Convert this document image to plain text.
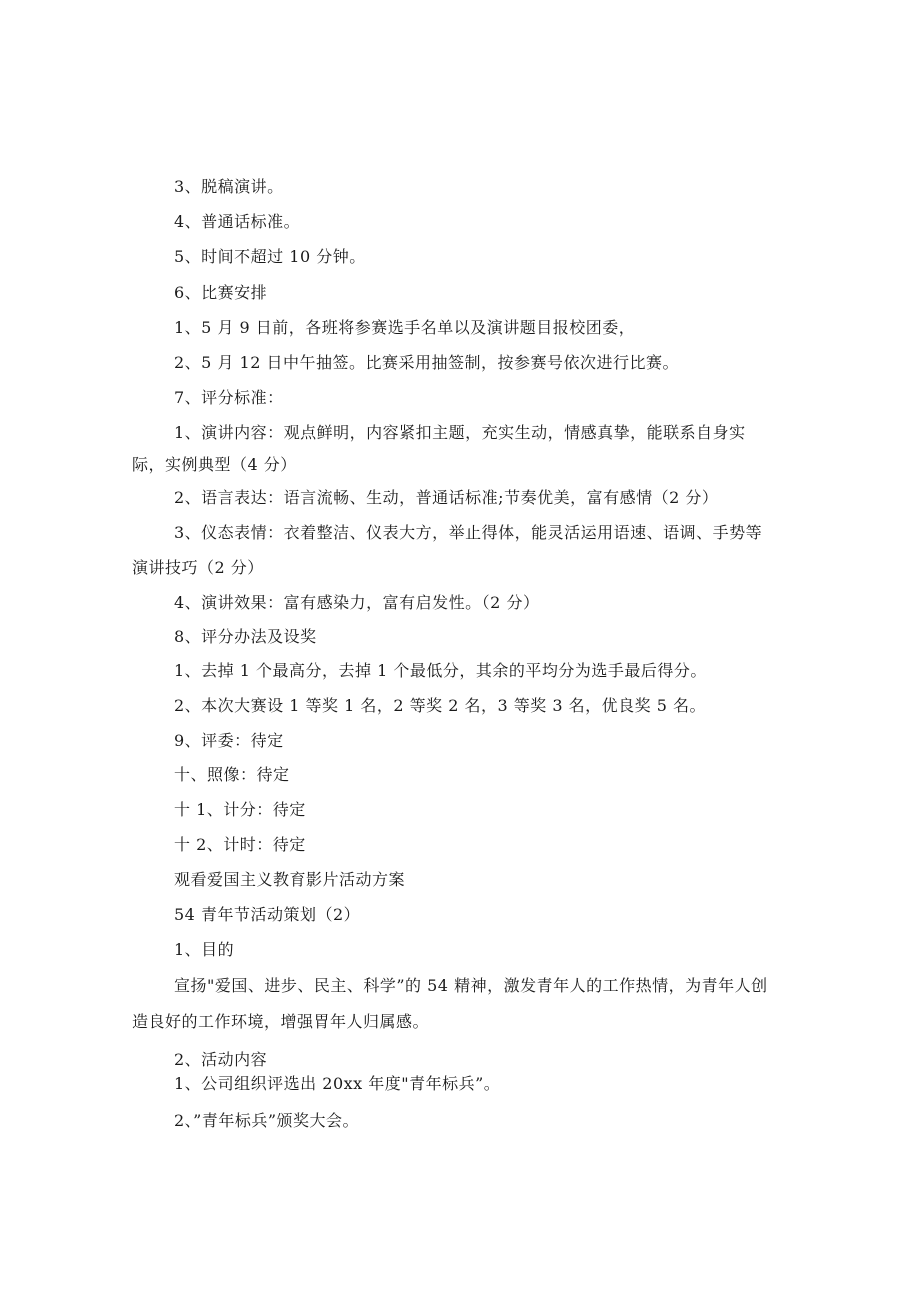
3、脱稿演讲。
4、普通话标准。
5、时间不超过 10 分钟。
6、比赛安排
1、5 月 9 日前，各班将参赛选手名单以及演讲题目报校团委，
2、5 月 12 日中午抽签。比赛采用抽签制，按参赛号依次进行比赛。
7、评分标准：
1、演讲内容：观点鲜明，内容紧扣主题，充实生动，情感真挚，能联系自身实
际，实例典型（4 分）
2、语言表达：语言流畅、生动，普通话标准;节奏优美，富有感情（2 分）
3、仪态表情：衣着整洁、仪表大方，举止得体，能灵活运用语速、语调、手势等
演讲技巧（2 分）
4、演讲效果：富有感染力，富有启发性。（2 分）
8、评分办法及设奖
1、去掉 1 个最高分，去掉 1 个最低分，其余的平均分为选手最后得分。
2、本次大赛设 1 等奖 1 名，2 等奖 2 名，3 等奖 3 名，优良奖 5 名。
9、评委：待定
十、照像：待定
十 1、计分：待定
十 2、计时：待定
观看爱国主义教育影片活动方案
54 青年节活动策划（2）
1、目的
宣扬"爱国、进步、民主、科学”的 54 精神，激发青年人的工作热情，为青年人创
造良好的工作环境，增强胃年人归属感。
2、活动内容
1、公司组织评选出 20xx 年度"青年标兵”。
2、”青年标兵”颁奖大会。
